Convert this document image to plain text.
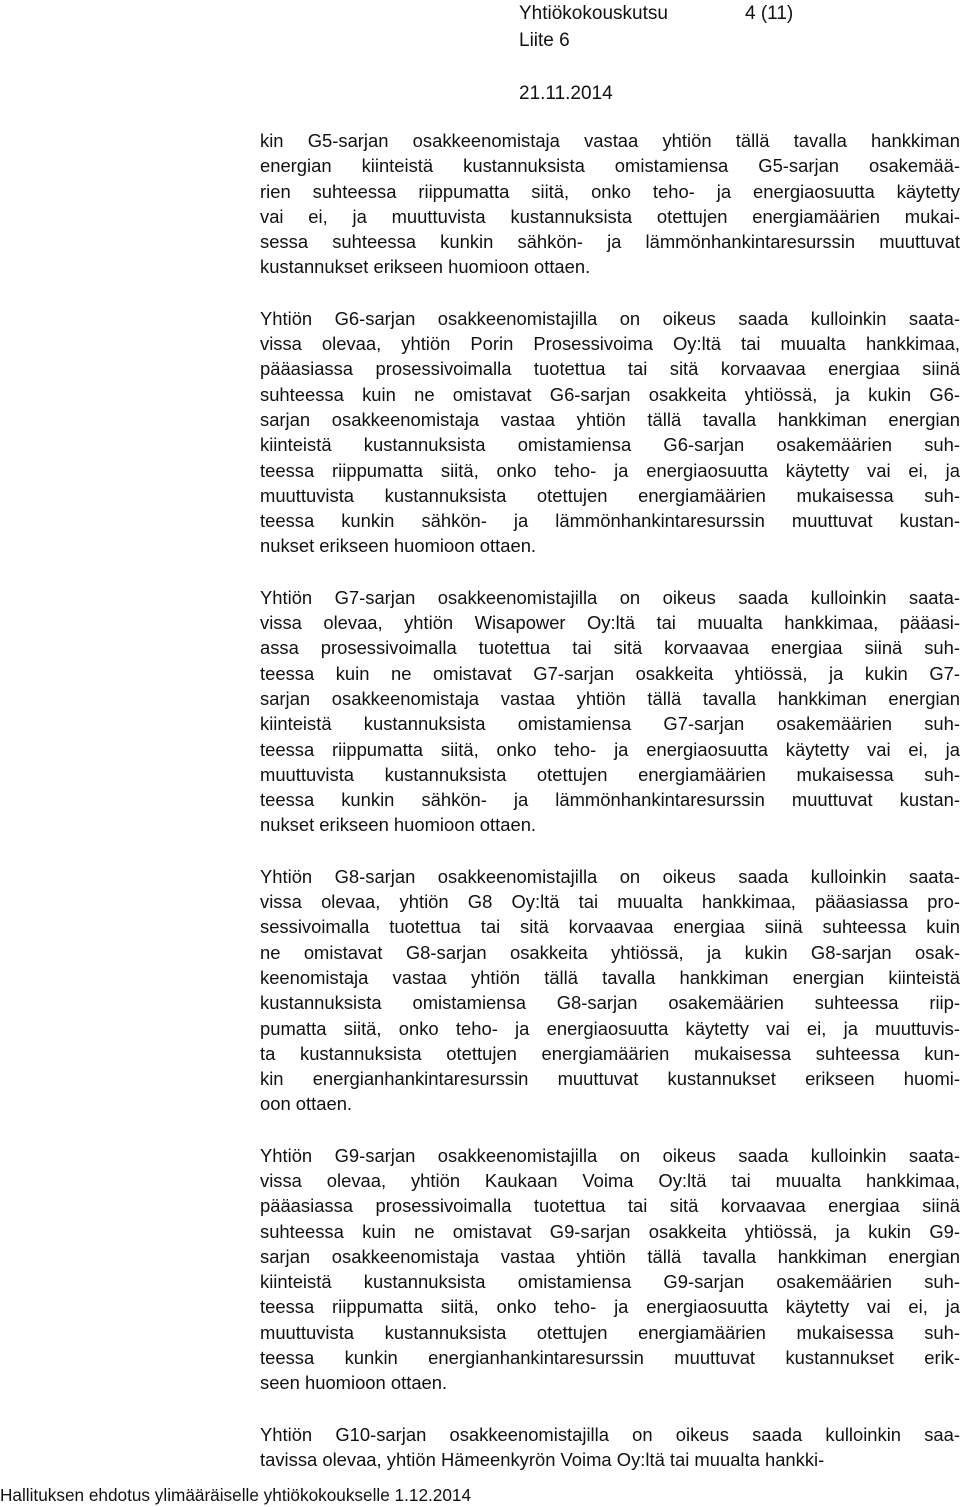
Yhtiökokouskutsu	4 (11)
Liite 6
21.11.2014
kin G5-sarjan osakkeenomistaja vastaa yhtiön tällä tavalla hankkiman
energian kiinteistä kustannuksista omistamiensa G5-sarjan osakemää-
rien suhteessa riippumatta siitä, onko teho- ja energiaosuutta käytetty
vai ei, ja muuttuvista kustannuksista otettujen energiamäärien mukai-
sessa suhteessa kunkin sähkön- ja lämmönhankintaresurssin muuttuvat
kustannukset erikseen huomioon ottaen.
Yhtiön G6-sarjan osakkeenomistajilla on oikeus saada kulloinkin saata-
vissa olevaa, yhtiön Porin Prosessivoima Oy:ltä tai muualta hankkimaa,
pääasiassa prosessivoimalla tuotettua tai sitä korvaavaa energiaa siinä
suhteessa kuin ne omistavat G6-sarjan osakkeita yhtiössä, ja kukin G6-
sarjan osakkeenomistaja vastaa yhtiön tällä tavalla hankkiman energian
kiinteistä kustannuksista omistamiensa G6-sarjan osakemäärien suh-
teessa riippumatta siitä, onko teho- ja energiaosuutta käytetty vai ei, ja
muuttuvista kustannuksista otettujen energiamäärien mukaisessa suh-
teessa kunkin sähkön- ja lämmönhankintaresurssin muuttuvat kustan-
nukset erikseen huomioon ottaen.
Yhtiön G7-sarjan osakkeenomistajilla on oikeus saada kulloinkin saata-
vissa olevaa, yhtiön Wisapower Oy:ltä tai muualta hankkimaa, pääasi-
assa prosessivoimalla tuotettua tai sitä korvaavaa energiaa siinä suh-
teessa kuin ne omistavat G7-sarjan osakkeita yhtiössä, ja kukin G7-
sarjan osakkeenomistaja vastaa yhtiön tällä tavalla hankkiman energian
kiinteistä kustannuksista omistamiensa G7-sarjan osakemäärien suh-
teessa riippumatta siitä, onko teho- ja energiaosuutta käytetty vai ei, ja
muuttuvista kustannuksista otettujen energiamäärien mukaisessa suh-
teessa kunkin sähkön- ja lämmönhankintaresurssin muuttuvat kustan-
nukset erikseen huomioon ottaen.
Yhtiön G8-sarjan osakkeenomistajilla on oikeus saada kulloinkin saata-
vissa olevaa, yhtiön G8 Oy:ltä tai muualta hankkimaa, pääasiassa pro-
sessivoimalla tuotettua tai sitä korvaavaa energiaa siinä suhteessa kuin
ne omistavat G8-sarjan osakkeita yhtiössä, ja kukin G8-sarjan osak-
keenomistaja vastaa yhtiön tällä tavalla hankkiman energian kiinteistä
kustannuksista omistamiensa G8-sarjan osakemäärien suhteessa riip-
pumatta siitä, onko teho- ja energiaosuutta käytetty vai ei, ja muuttuvis-
ta kustannuksista otettujen energiamäärien mukaisessa suhteessa kun-
kin energianhankintaresurssin muuttuvat kustannukset erikseen huomi-
oon ottaen.
Yhtiön G9-sarjan osakkeenomistajilla on oikeus saada kulloinkin saata-
vissa olevaa, yhtiön Kaukaan Voima Oy:ltä tai muualta hankkimaa,
pääasiassa prosessivoimalla tuotettua tai sitä korvaavaa energiaa siinä
suhteessa kuin ne omistavat G9-sarjan osakkeita yhtiössä, ja kukin G9-
sarjan osakkeenomistaja vastaa yhtiön tällä tavalla hankkiman energian
kiinteistä kustannuksista omistamiensa G9-sarjan osakemäärien suh-
teessa riippumatta siitä, onko teho- ja energiaosuutta käytetty vai ei, ja
muuttuvista kustannuksista otettujen energiamäärien mukaisessa suh-
teessa kunkin energianhankintaresurssin muuttuvat kustannukset erik-
seen huomioon ottaen.
Yhtiön G10-sarjan osakkeenomistajilla on oikeus saada kulloinkin saa-
tavissa olevaa, yhtiön Hämeenkyrön Voima Oy:ltä tai muualta hankki-
Hallituksen ehdotus ylimääräiselle yhtiökokoukselle 1.12.2014
